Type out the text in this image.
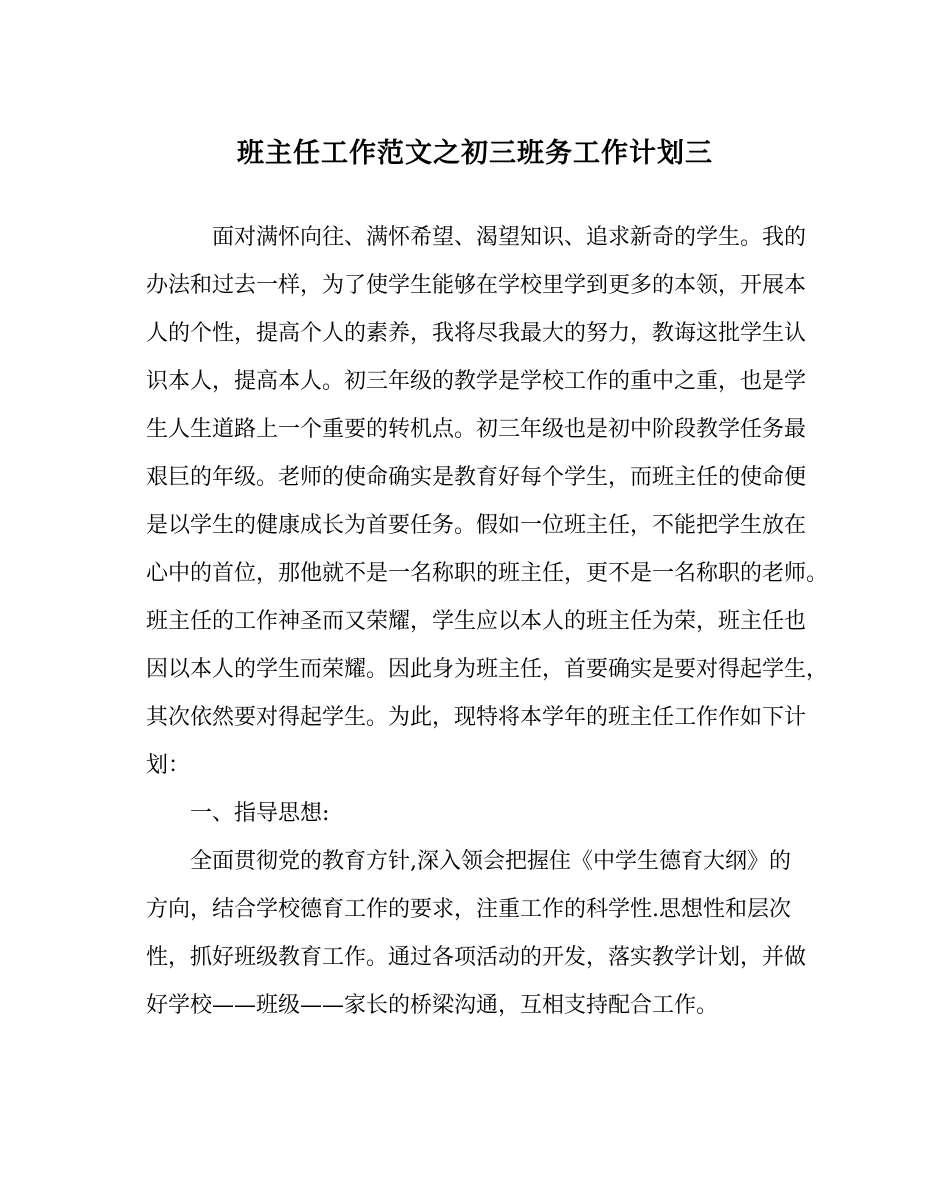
班主任工作范文之初三班务工作计划三
面对满怀向往、满怀希望、渴望知识、追求新奇的学生。我的
办法和过去一样，为了使学生能够在学校里学到更多的本领，开展本
人的个性，提高个人的素养，我将尽我最大的努力，教诲这批学生认
识本人，提高本人。初三年级的教学是学校工作的重中之重，也是学
生人生道路上一个重要的转机点。初三年级也是初中阶段教学任务最
艰巨的年级。老师的使命确实是教育好每个学生，而班主任的使命便
是以学生的健康成长为首要任务。假如一位班主任，不能把学生放在
心中的首位，那他就不是一名称职的班主任，更不是一名称职的老师。
班主任的工作神圣而又荣耀，学生应以本人的班主任为荣，班主任也
因以本人的学生而荣耀。因此身为班主任，首要确实是要对得起学生，
其次依然要对得起学生。为此，现特将本学年的班主任工作作如下计
划：
一、指导思想:
全面贯彻党的教育方针,深入领会把握住《中学生德育大纲》的
方向，结合学校德育工作的要求，注重工作的科学性.思想性和层次
性，抓好班级教育工作。通过各项活动的开发，落实教学计划，并做
好学校——班级——家长的桥梁沟通，互相支持配合工作。
